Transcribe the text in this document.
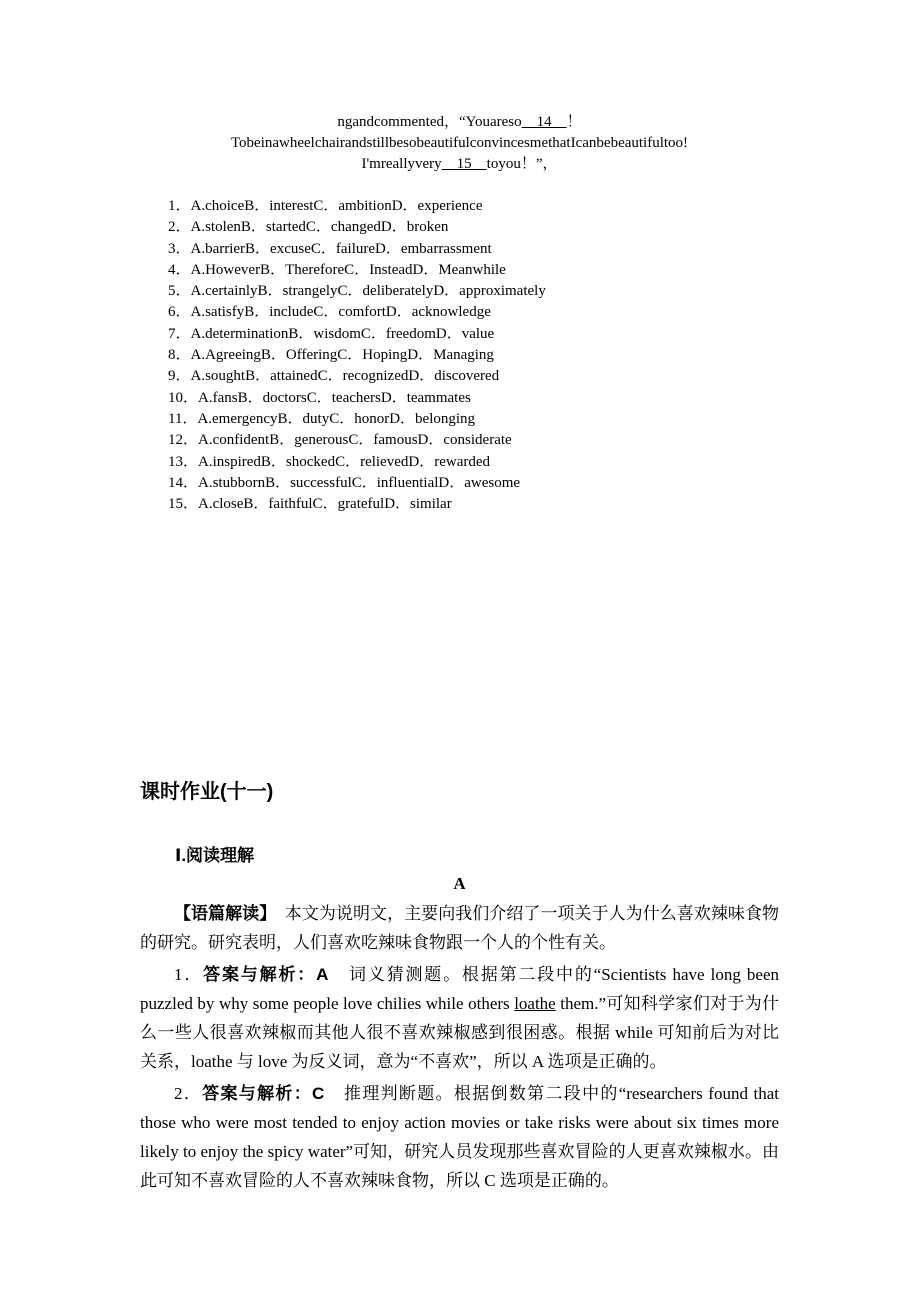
ngandcommented，“Youareso　14　！
TobeinawheelchairandstillbesobeautifulconvincesmethatIcanbebeautifultoo!
I'mreallyvery　15　toyou！”，
1．A.choiceB．interestC．ambitionD．experience
2．A.stolenB．startedC．changedD．broken
3．A.barrierB．excuseC．failureD．embarrassment
4．A.HoweverB．ThereforeC．InsteadD．Meanwhile
5．A.certainlyB．strangelyC．deliberatelyD．approximately
6．A.satisfyB．includeC．comfortD．acknowledge
7．A.determinationB．wisdomC．freedomD．value
8．A.AgreeingB．OfferingC．HopingD．Managing
9．A.soughtB．attainedC．recognizedD．discovered
10．A.fansB．doctorsC．teachersD．teammates
11．A.emergencyB．dutyC．honorD．belonging
12．A.confidentB．generousC．famousD．considerate
13．A.inspiredB．shockedC．relievedD．rewarded
14．A.stubbornB．successfulC．influentialD．awesome
15．A.closeB．faithfulC．gratefulD．similar
课时作业(十一)
Ⅰ.阅读理解
A

【语篇解读】　本文为说明文，主要向我们介绍了一项关于人为什么喜欢辣味食物的研究。研究表明，人们喜欢吃辣味食物跟一个人的个性有关。

1．答案与解析：A　词义猜测题。根据第二段中的“Scientists have long been puzzled by why some people love chilies while others loathe them.”可知科学家们对于为什么一些人很喜欢辣椒而其他人很不喜欢辣椒感到很困惑。根据 while 可知前后为对比关系，loathe 与 love 为反义词，意为“不喜欢”，所以 A 选项是正确的。

2．答案与解析：C　推理判断题。根据倒数第二段中的“researchers found that those who were most tended to enjoy action movies or take risks were about six times more likely to enjoy the spicy water”可知，研究人员发现那些喜欢冒险的人更喜欢辣椒水。由此可知不喜欢冒险的人不喜欢辣味食物，所以 C 选项是正确的。
